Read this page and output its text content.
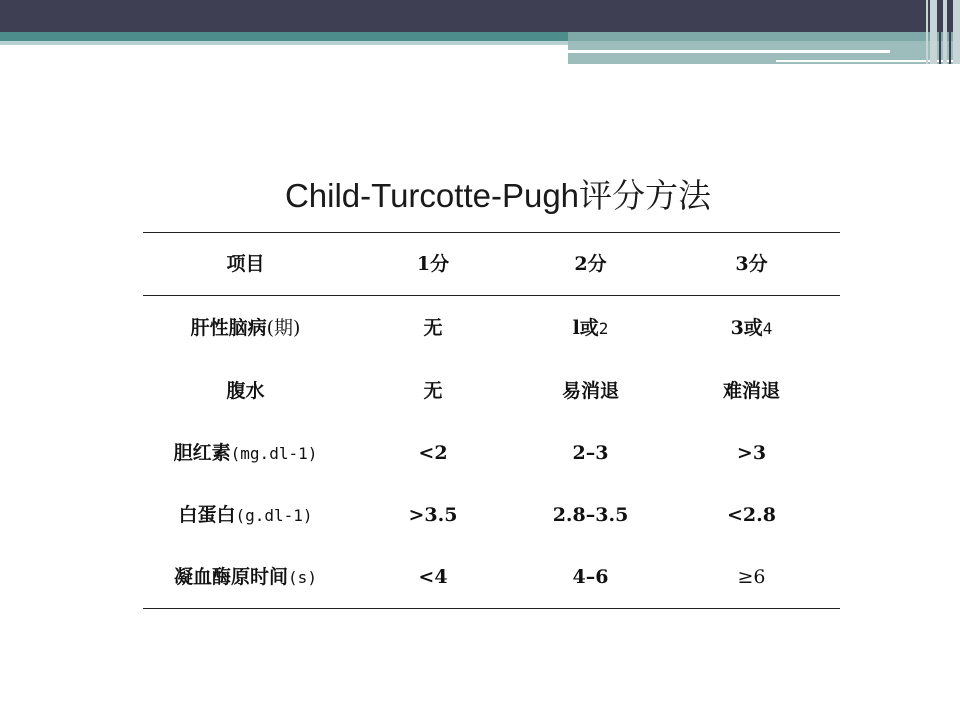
Child-Turcotte-Pugh评分方法
项目	1分	2分	3分
肝性脑病(期)	无	l或2	3或4
腹水	无	易消退	难消退
胆红素(mg.dl-1)	<2	2–3	>3
白蛋白(g.dl-1)	>3.5	2.8–3.5	<2.8
凝血酶原时间(s)	<4	4–6	≥6
